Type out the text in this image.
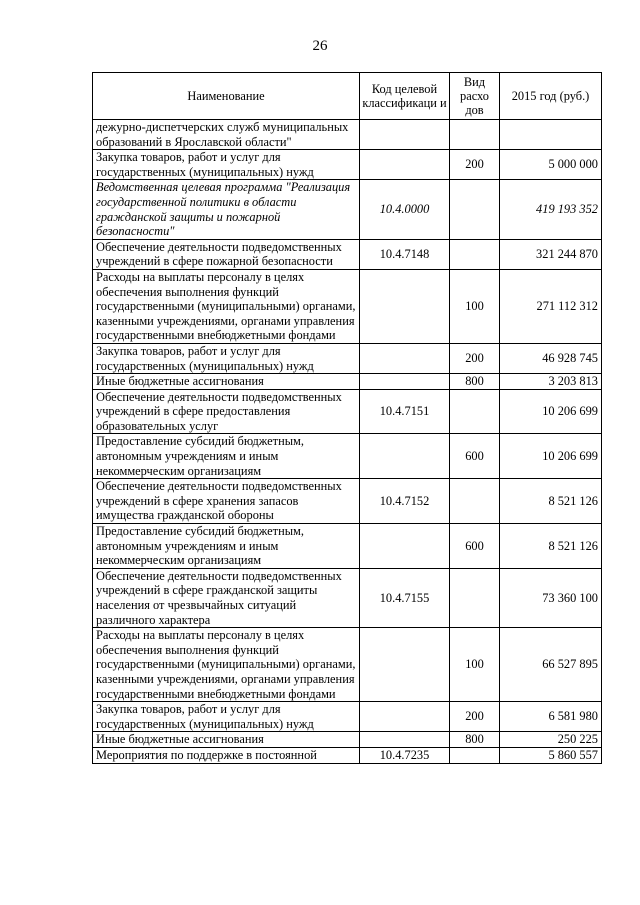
26
Наименование	Код целевой классификаци и	Вид расхо дов	2015 год (руб.)
дежурно-диспетчерских служб муниципальных образований в Ярославской области"			
Закупка товаров, работ и услуг для государственных (муниципальных) нужд		200	5 000 000
Ведомственная целевая программа "Реализация государственной политики в области гражданской защиты и пожарной безопасности"	10.4.0000		419 193 352
Обеспечение деятельности подведомственных учреждений в сфере пожарной безопасности	10.4.7148		321 244 870
Расходы на выплаты персоналу в целях обеспечения выполнения функций государственными (муниципальными) органами, казенными учреждениями, органами управления государственными внебюджетными фондами		100	271 112 312
Закупка товаров, работ и услуг для государственных (муниципальных) нужд		200	46 928 745
Иные бюджетные ассигнования		800	3 203 813
Обеспечение деятельности подведомственных учреждений в сфере предоставления образовательных услуг	10.4.7151		10 206 699
Предоставление субсидий бюджетным, автономным учреждениям и иным некоммерческим организациям		600	10 206 699
Обеспечение деятельности подведомственных учреждений в сфере хранения запасов имущества гражданской обороны	10.4.7152		8 521 126
Предоставление субсидий бюджетным, автономным учреждениям и иным некоммерческим организациям		600	8 521 126
Обеспечение деятельности подведомственных учреждений в сфере гражданской защиты населения от чрезвычайных ситуаций различного характера	10.4.7155		73 360 100
Расходы на выплаты персоналу в целях обеспечения выполнения функций государственными (муниципальными) органами, казенными учреждениями, органами управления государственными внебюджетными фондами		100	66 527 895
Закупка товаров, работ и услуг для государственных (муниципальных) нужд		200	6 581 980
Иные бюджетные ассигнования		800	250 225
Мероприятия по поддержке в постоянной	10.4.7235		5 860 557
